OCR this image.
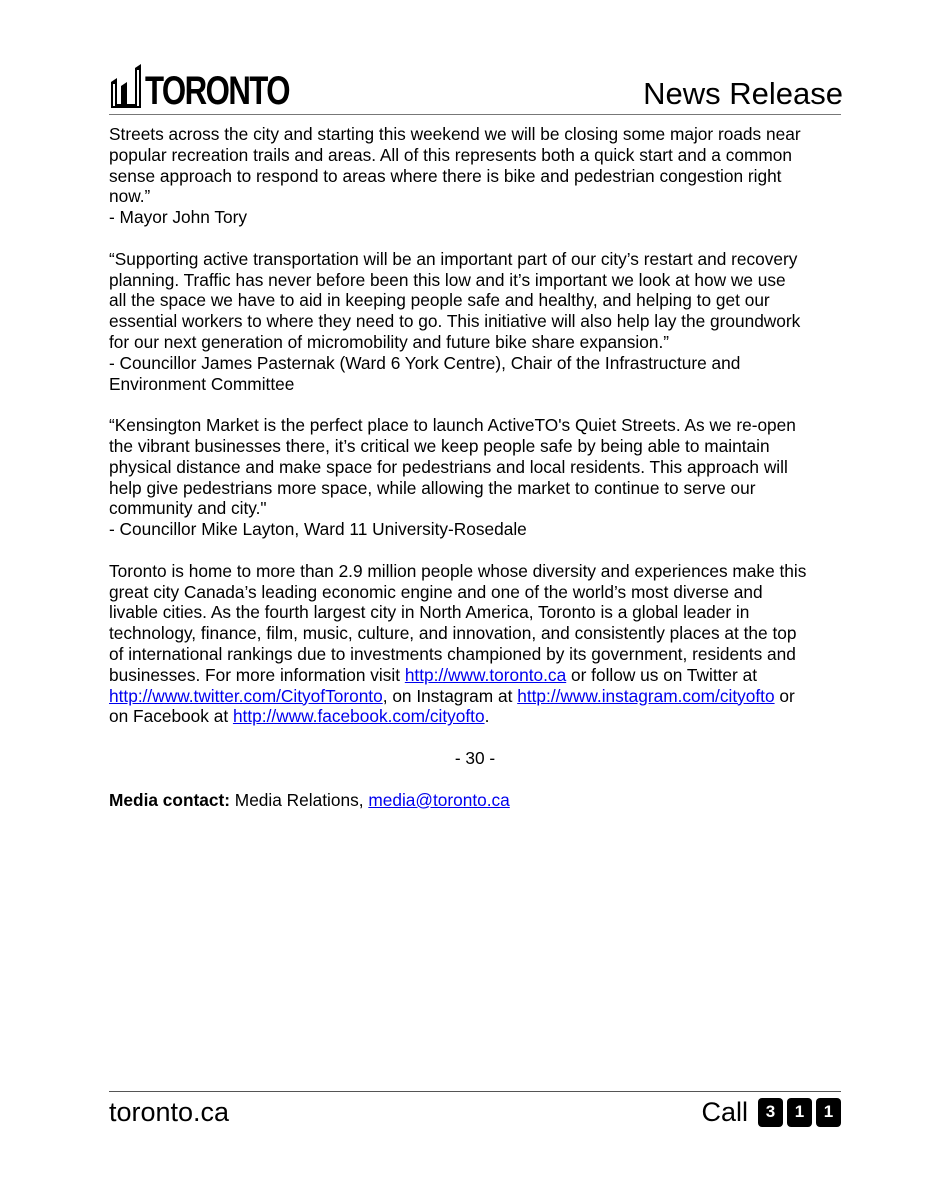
TORONTO	News Release
Streets across the city and starting this weekend we will be closing some major roads near
popular recreation trails and areas. All of this represents both a quick start and a common
sense approach to respond to areas where there is bike and pedestrian congestion right
now.”
- Mayor John Tory
“Supporting active transportation will be an important part of our city’s restart and recovery
planning. Traffic has never before been this low and it’s important we look at how we use
all the space we have to aid in keeping people safe and healthy, and helping to get our
essential workers to where they need to go. This initiative will also help lay the groundwork
for our next generation of micromobility and future bike share expansion.”
- Councillor James Pasternak (Ward 6 York Centre), Chair of the Infrastructure and
Environment Committee
“Kensington Market is the perfect place to launch ActiveTO's Quiet Streets. As we re-open
the vibrant businesses there, it’s critical we keep people safe by being able to maintain
physical distance and make space for pedestrians and local residents. This approach will
help give pedestrians more space, while allowing the market to continue to serve our
community and city."
- Councillor Mike Layton, Ward 11 University-Rosedale
Toronto is home to more than 2.9 million people whose diversity and experiences make this
great city Canada’s leading economic engine and one of the world’s most diverse and
livable cities. As the fourth largest city in North America, Toronto is a global leader in
technology, finance, film, music, culture, and innovation, and consistently places at the top
of international rankings due to investments championed by its government, residents and
businesses. For more information visit http://www.toronto.ca or follow us on Twitter at
http://www.twitter.com/CityofToronto, on Instagram at http://www.instagram.com/cityofto or
on Facebook at http://www.facebook.com/cityofto.
- 30 -
Media contact: Media Relations, media@toronto.ca
toronto.ca	Call	3	1	1
